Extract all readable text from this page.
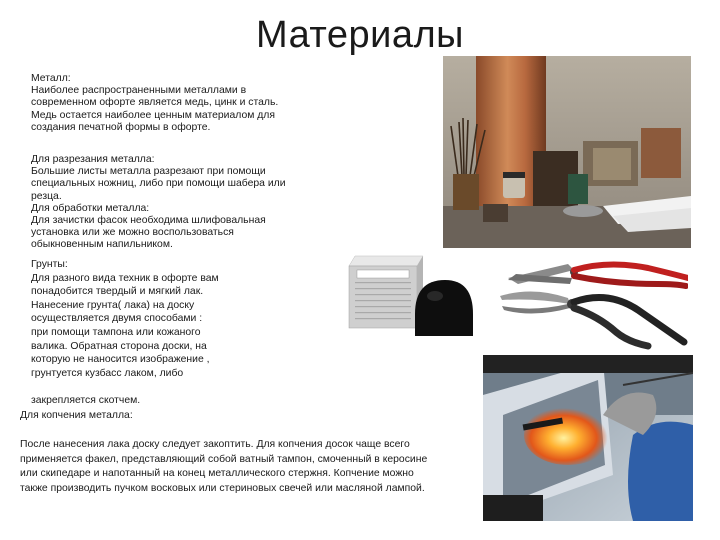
Материалы
Металл:
Наиболее распространенными металлами в
современном офорте является медь, цинк и сталь.
Медь остается наиболее ценным материалом для
создания печатной формы в офорте.
Для разрезания металла:
Большие листы металла разрезают при помощи
специальных ножниц, либо при помощи шабера или
резца.
Для обработки металла:
Для зачистки фасок необходима шлифовальная
установка или же можно воспользоваться
обыкновенным напильником.
Грунты:
Для разного вида техник в офорте вам
понадобится твердый и мягкий лак.
Нанесение грунта( лака) на доску
осуществляется двумя способами :
при помощи тампона или кожаного
валика. Обратная сторона доски, на
которую не наносится изображение ,
грунтуется кузбасс лаком, либо
закрепляется скотчем.
Для копчения металла:
После нанесения лака доску следует закоптить. Для копчения досок чаще всего
применяется факел, представляющий собой ватный тампон, смоченный в керосине
или скипедаре и напотанный на конец металлического стержня. Копчение можно
также производить пучком восковых или стериновых свечей или масляной лампой.
